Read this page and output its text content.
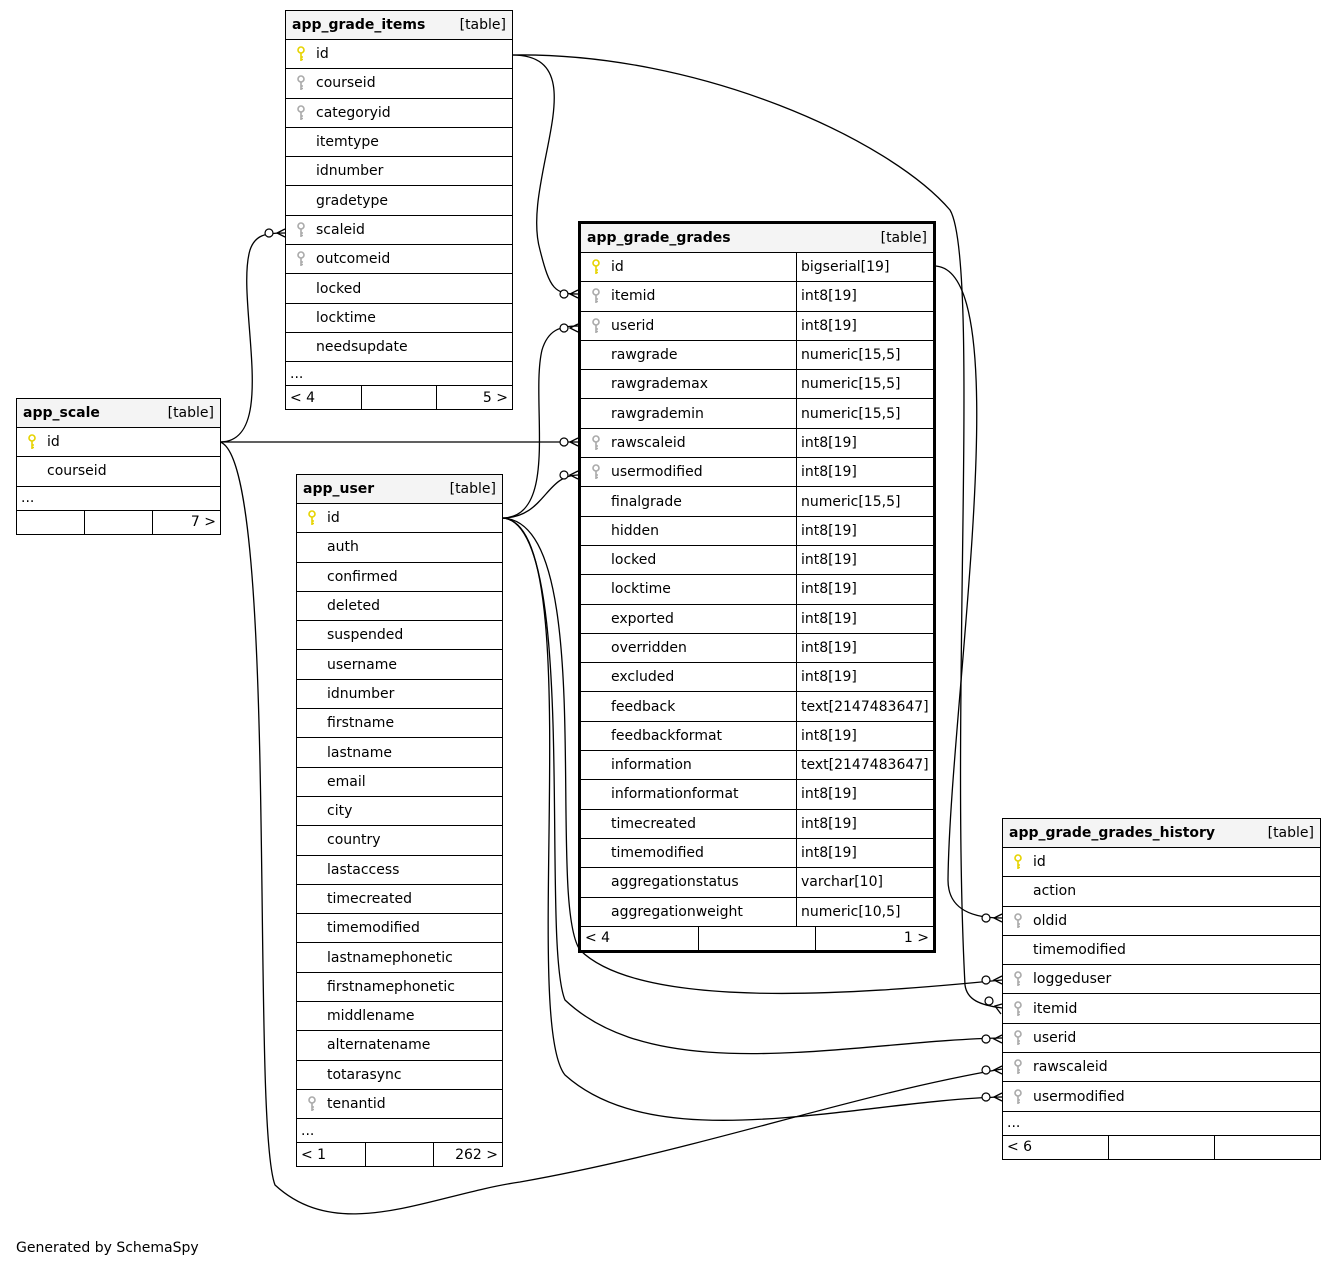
app_grade_items [table]
id
courseid
categoryid
itemtype
idnumber
gradetype
scaleid
outcomeid
locked
locktime
needsupdate
...
< 4	5 >
app_scale	[table]
id
courseid
...
7 >
app_user	[table]
id
auth
confirmed
deleted
suspended
username
idnumber
firstname
lastname
email
city
country
lastaccess
timecreated
timemodified
lastnamephonetic
firstnamephonetic
middlename
alternatename
totarasync
tenantid
...
< 1	262 >
app_grade_grades	[table]
id	bigserial[19]
itemid	int8[19]
userid	int8[19]
rawgrade	numeric[15,5]
rawgrademax	numeric[15,5]
rawgrademin	numeric[15,5]
rawscaleid	int8[19]
usermodified	int8[19]
finalgrade	numeric[15,5]
hidden	int8[19]
locked	int8[19]
locktime	int8[19]
exported	int8[19]
overridden	int8[19]
excluded	int8[19]
feedback	text[2147483647]
feedbackformat	int8[19]
information	text[2147483647]
informationformat	int8[19]
timecreated	int8[19]
timemodified	int8[19]
aggregationstatus	varchar[10]
aggregationweight	numeric[10,5]
< 4	1 >
app_grade_grades_history	[table]
id
action
oldid
timemodified
loggeduser
itemid
userid
rawscaleid
usermodified
...
< 6
Generated by SchemaSpy
